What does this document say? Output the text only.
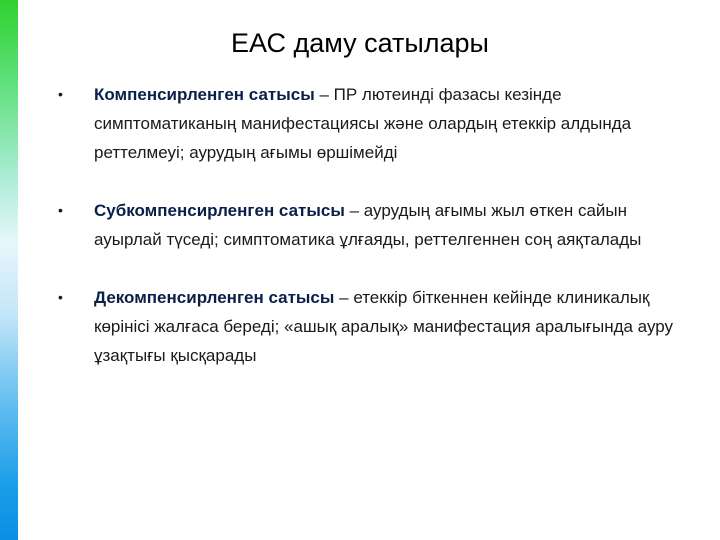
ЕАС даму сатылары
• Компенсирленген сатысы – ПР лютеинді фазасы кезінде симптоматиканың манифестациясы және олардың етеккір алдында реттелмеуі; аурудың ағымы өршімейді
• Субкомпенсирленген сатысы – аурудың ағымы жыл өткен сайын ауырлай түседі; симптоматика ұлғаяды, реттелгеннен соң аяқталады
• Декомпенсирленген сатысы – етеккір біткеннен кейінде клиникалық көрінісі жалғаса береді; «ашық аралық» манифестация аралығында ауру ұзақтығы қысқарады
